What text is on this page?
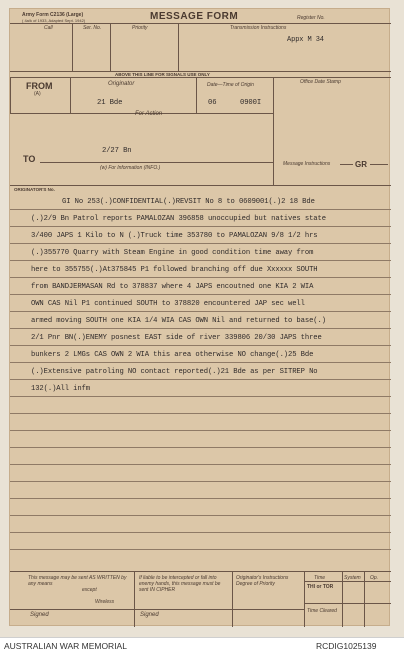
Army Form C2136 (Large)
( 4a/k of 1933, Adapted Sept. 1942)	MESSAGE FORM	Register No.
Call	Ser. No.	Priority	Transmission Instructions
Appx M 34
ABOVE THIS LINE FOR SIGNALS USE ONLY
FROM
(A)
Originator
21 Bde
Date—Time of Origin
06	0900I
Office Date Stamp
For Action
2/27 Bn
TO
(w) For Information (INFO.)
Message Instructions	GR
ORIGINATOR'S No.
GI No 253(.)CONFIDENTIAL(.)REVSIT No 8 to 0609001(.)2 18 Bde
(.)2/9 Bn Patrol reports PAMALOZAN 396858 unoccupied but natives state
3/400 JAPS 1 Kilo to N (.)Truck time 353780 to PAMALOZAN 9/8 1/2 hrs
(.)355770 Quarry with Steam Engine in good condition time away from
here to 355755(.)At375845 P1 followed branching off due Xxxxxx SOUTH
from BANDJERMASAN Rd to 378837 where 4 JAPS encoutned one KIA 2 WIA
OWN CAS Nil P1 continued SOUTH to 378820 encountered JAP sec well
armed moving SOUTH one KIA 1/4 WIA CAS OWN Nil and returned to base(.)
2/1 Pnr BN(.)ENEMY posnest EAST side of river 339806 20/30 JAPS three
bunkers 2 LMGs CAS OWN 2 WIA this area otherwise NO change(.)25 Bde
(.)Extensive patroling NO contact reported(.)21 Bde as per SITREP No
132(.)All infm
This message may be sent AS WRITTEN by any means
except
Wireless
If liable to be intercepted or fall into enemy hands, this message must be sent IN CIPHER
Originator's Instructions Degree of Priority
Time	System Op.
THI or TOR
Time Cleared
Signed	Signed
AUSTRALIAN WAR MEMORIAL	RCDIG1025139
